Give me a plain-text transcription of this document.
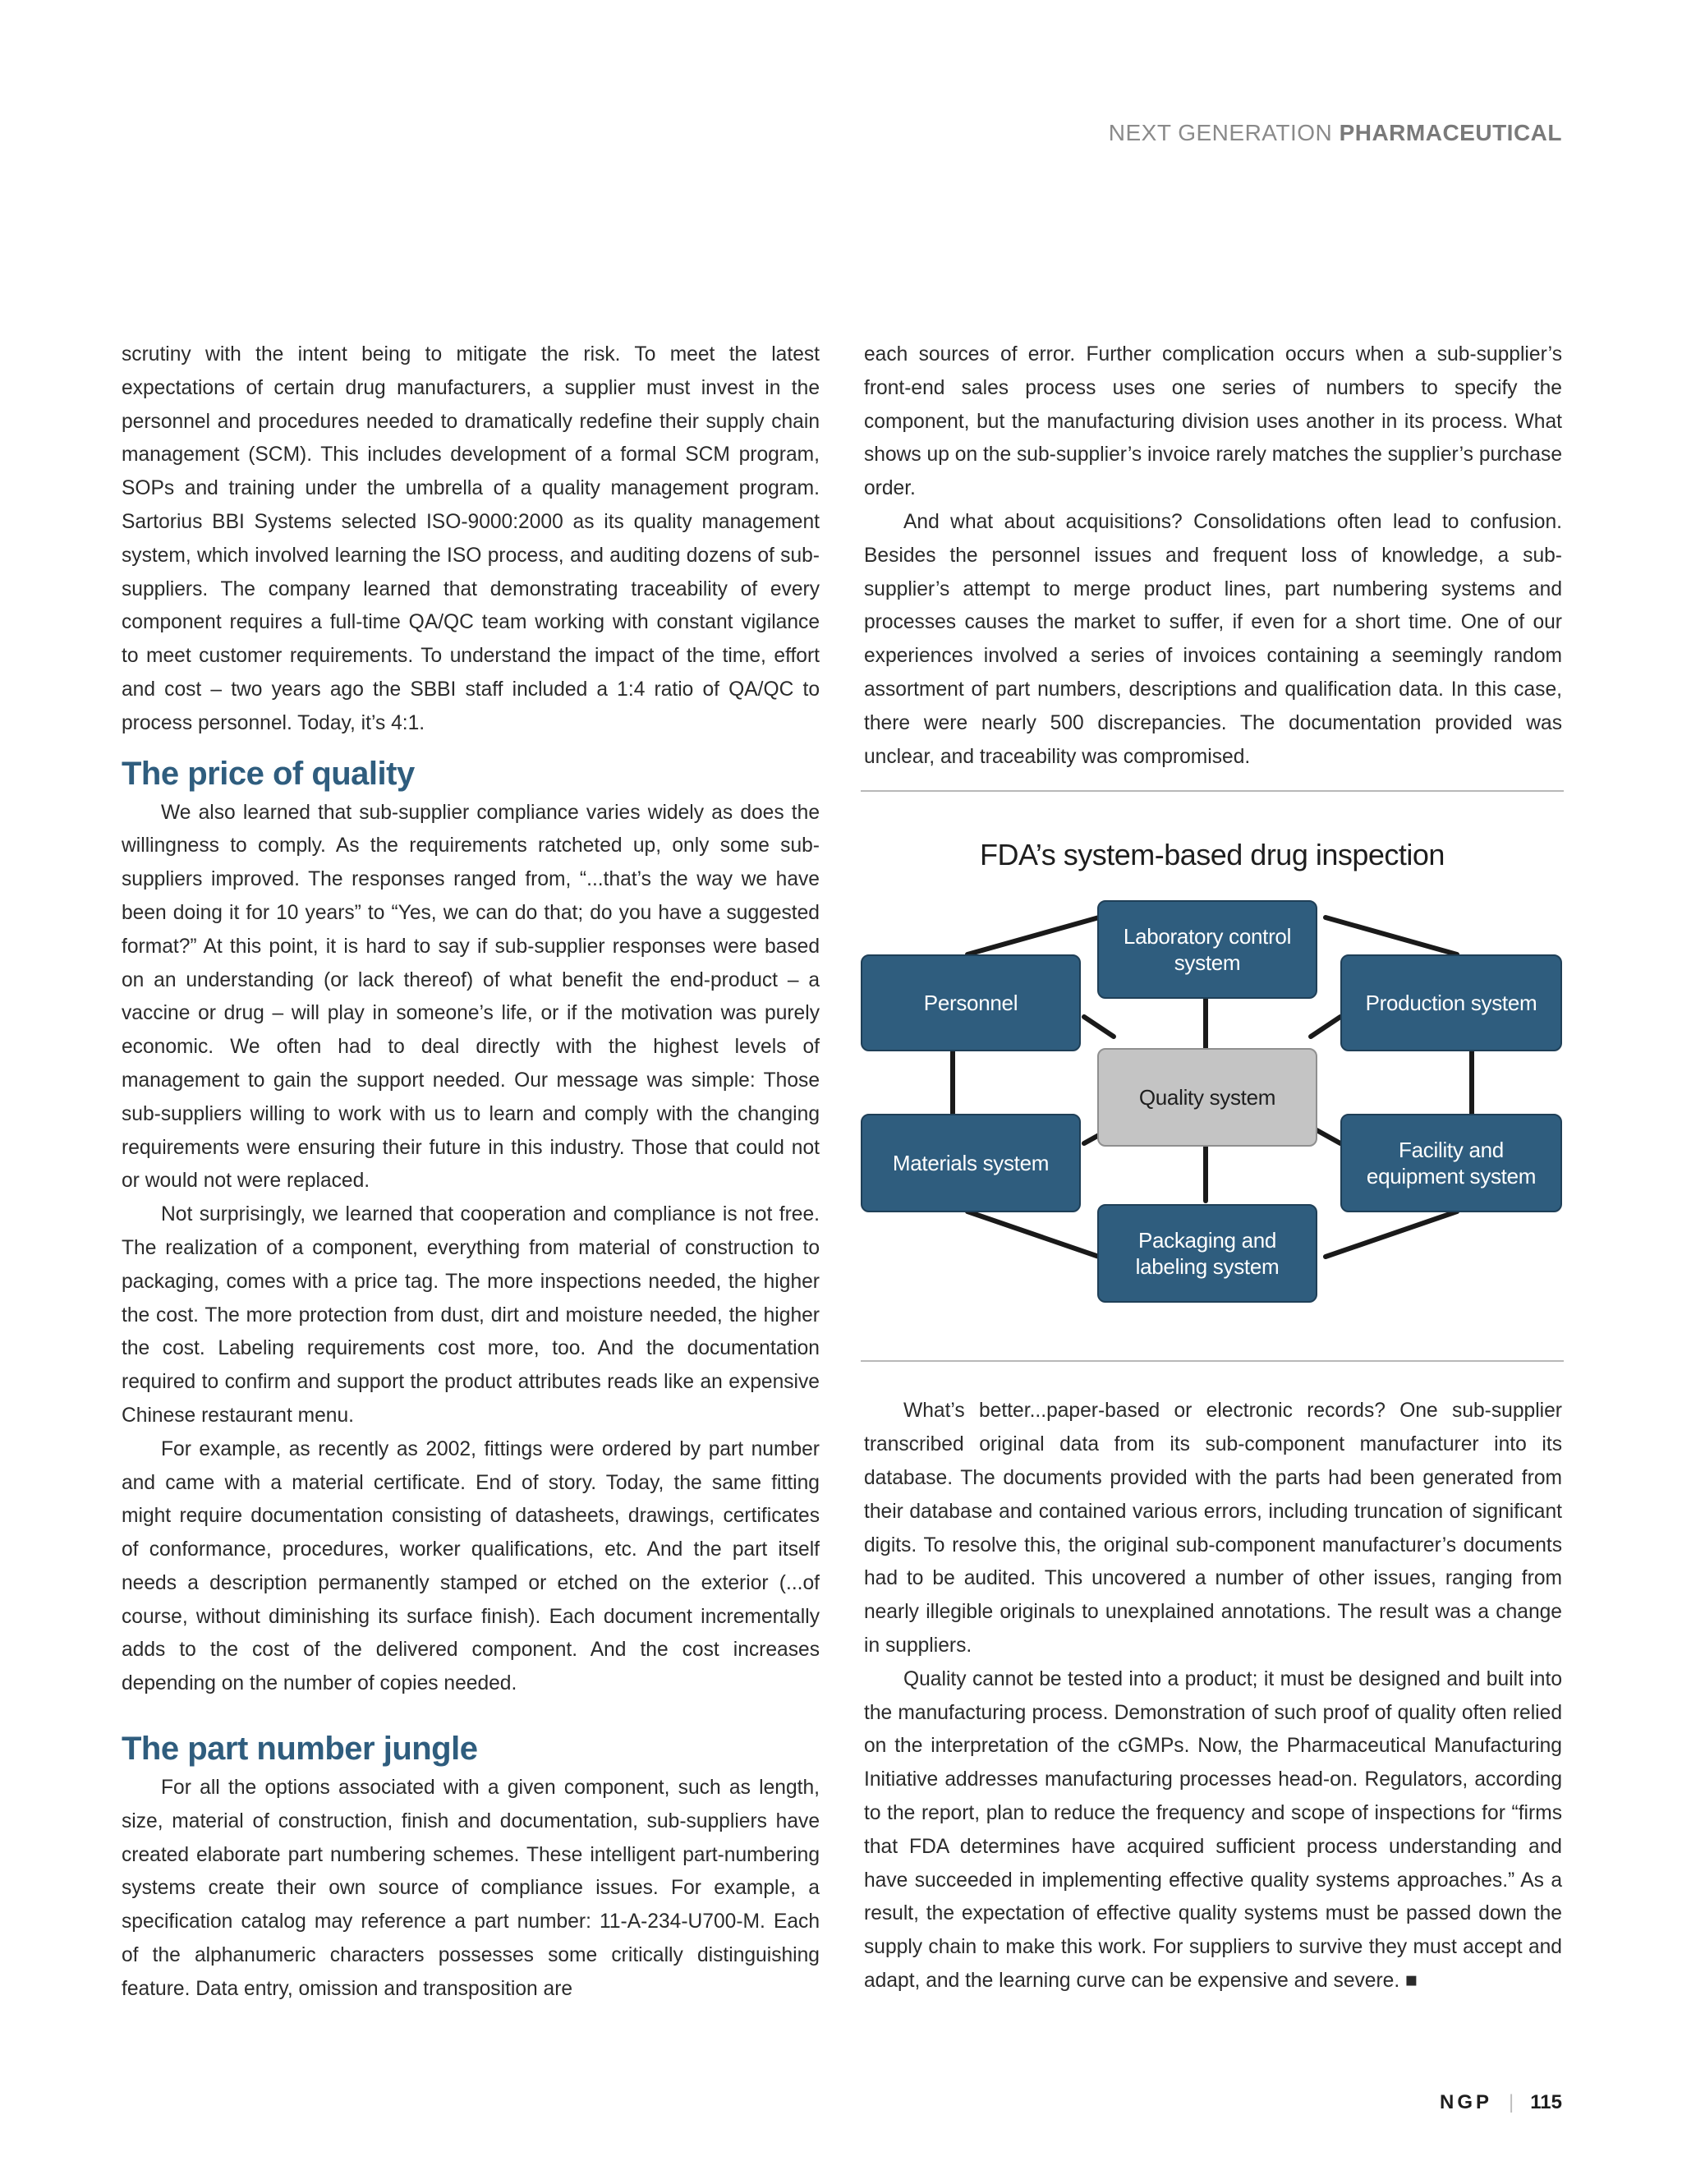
NEXT GENERATION PHARMACEUTICAL

scrutiny with the intent being to mitigate the risk. To meet the latest expectations of certain drug manufacturers, a supplier must invest in the personnel and procedures needed to dramatically redefine their supply chain management (SCM). This includes development of a formal SCM program, SOPs and training under the umbrella of a quality management program. Sartorius BBI Systems selected ISO-9000:2000 as its quality management system, which involved learning the ISO process, and auditing dozens of sub-suppliers. The company learned that demonstrating traceability of every component requires a full-time QA/QC team working with constant vigilance to meet customer requirements. To understand the impact of the time, effort and cost – two years ago the SBBI staff included a 1:4 ratio of QA/QC to process personnel. Today, it’s 4:1.

The price of quality

We also learned that sub-supplier compliance varies widely as does the willingness to comply. As the requirements ratcheted up, only some sub-suppliers improved. The responses ranged from, “...that’s the way we have been doing it for 10 years” to “Yes, we can do that; do you have a suggested format?” At this point, it is hard to say if sub-supplier responses were based on an understanding (or lack thereof) of what benefit the end-product – a vaccine or drug – will play in someone’s life, or if the motivation was purely economic. We often had to deal directly with the highest levels of management to gain the support needed. Our message was simple: Those sub-suppliers willing to work with us to learn and comply with the changing requirements were ensuring their future in this industry. Those that could not or would not were replaced.

Not surprisingly, we learned that cooperation and compliance is not free. The realization of a component, everything from material of construction to packaging, comes with a price tag. The more inspections needed, the higher the cost. The more protection from dust, dirt and moisture needed, the higher the cost. Labeling requirements cost more, too. And the documentation required to confirm and support the product attributes reads like an expensive Chinese restaurant menu.

For example, as recently as 2002, fittings were ordered by part number and came with a material certificate. End of story. Today, the same fitting might require documentation consisting of datasheets, drawings, certificates of conformance, procedures, worker qualifications, etc. And the part itself needs a description permanently stamped or etched on the exterior (...of course, without diminishing its surface finish). Each document incrementally adds to the cost of the delivered component. And the cost increases depending on the number of copies needed.

The part number jungle

For all the options associated with a given component, such as length, size, material of construction, finish and documentation, sub-suppliers have created elaborate part numbering schemes. These intelligent part-numbering systems create their own source of compliance issues. For example, a specification catalog may reference a part number: 11-A-234-U700-M. Each of the alphanumeric characters possesses some critically distinguishing feature. Data entry, omission and transposition are

each sources of error. Further complication occurs when a sub-supplier’s front-end sales process uses one series of numbers to specify the component, but the manufacturing division uses another in its process. What shows up on the sub-supplier’s invoice rarely matches the supplier’s purchase order.

And what about acquisitions? Consolidations often lead to confusion. Besides the personnel issues and frequent loss of knowledge, a sub-supplier’s attempt to merge product lines, part numbering systems and processes causes the market to suffer, if even for a short time. One of our experiences involved a series of invoices containing a seemingly random assortment of part numbers, descriptions and qualification data. In this case, there were nearly 500 discrepancies. The documentation provided was unclear, and traceability was compromised.

What’s better...paper-based or electronic records? One sub-supplier transcribed original data from its sub-component manufacturer into its database. The documents provided with the parts had been generated from their database and contained various errors, including truncation of significant digits. To resolve this, the original sub-component manufacturer’s documents had to be audited. This uncovered a number of other issues, ranging from nearly illegible originals to unexplained annotations. The result was a change in suppliers.

Quality cannot be tested into a product; it must be designed and built into the manufacturing process. Demonstration of such proof of quality often relied on the interpretation of the cGMPs. Now, the Pharmaceutical Manufacturing Initiative addresses manufacturing processes head-on. Regulators, according to the report, plan to reduce the frequency and scope of inspections for “firms that FDA determines have acquired sufficient process understanding and have succeeded in implementing effective quality systems approaches.” As a result, the expectation of effective quality systems must be passed down the supply chain to make this work. For suppliers to survive they must accept and adapt, and the learning curve can be expensive and severe. ■

FDA’s system-based drug inspection
Laboratory control system
Personnel	Production system
Quality system
Materials system
Facility and equipment system
Packaging and labeling system
NGP | 115
